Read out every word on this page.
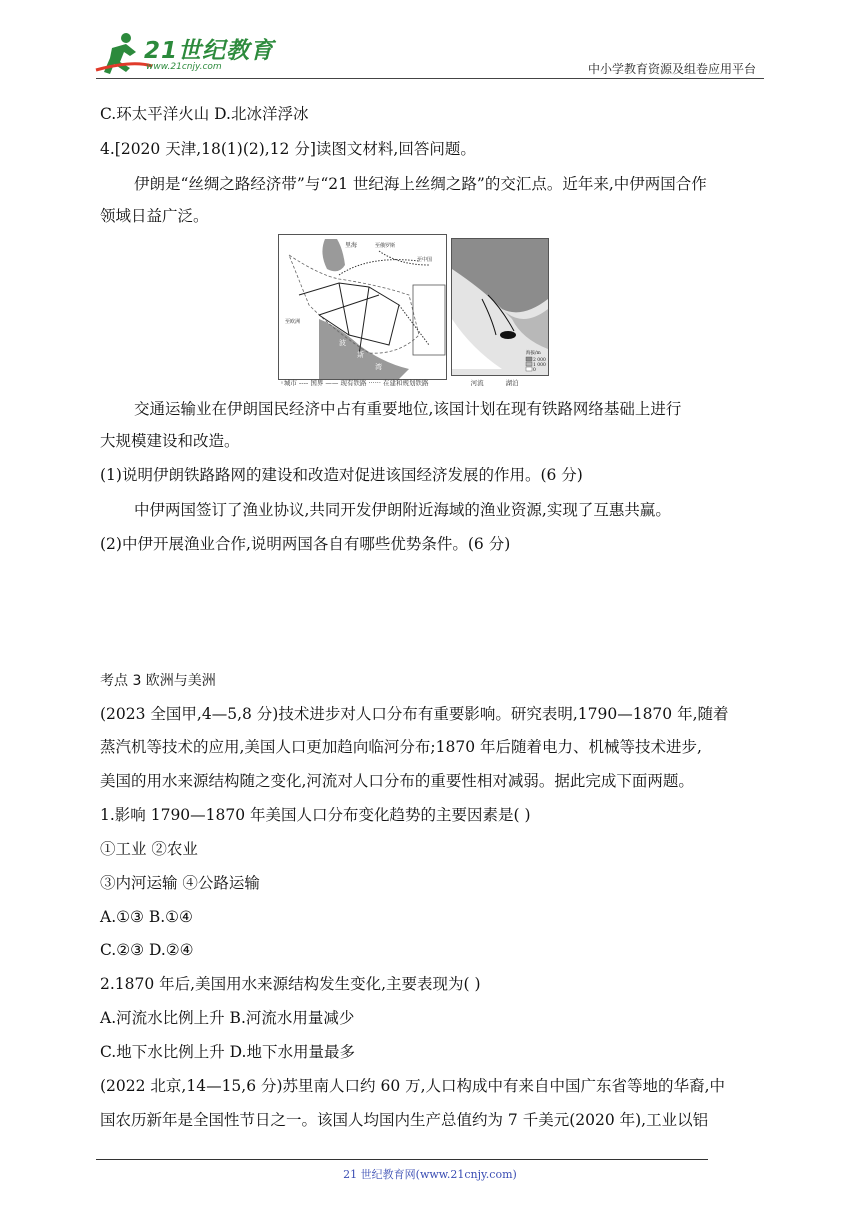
21世纪教育
www.21cnjy.com	中小学教育资源及组卷应用平台
C.环太平洋火山 D.北冰洋浮冰
4.[2020 天津,18(1)(2),12 分]读图文材料,回答问题。
伊朗是“丝绸之路经济带”与“21 世纪海上丝绸之路”的交汇点。近年来,中伊两国合作
领域日益广泛。
里海	至俄罗斯
至中国
至欧洲
波
斯
湾
海拔/m
2 000
1 000
0
◦城市 ---- 国界 —— 现有铁路 ······ 在建和规划铁路	河流	湖泊
交通运输业在伊朗国民经济中占有重要地位,该国计划在现有铁路网络基础上进行
大规模建设和改造。
(1)说明伊朗铁路路网的建设和改造对促进该国经济发展的作用。(6 分)
中伊两国签订了渔业协议,共同开发伊朗附近海域的渔业资源,实现了互惠共赢。
(2)中伊开展渔业合作,说明两国各自有哪些优势条件。(6 分)
考点 3 欧洲与美洲
(2023 全国甲,4—5,8 分)技术进步对人口分布有重要影响。研究表明,1790—1870 年,随着
蒸汽机等技术的应用,美国人口更加趋向临河分布;1870 年后随着电力、机械等技术进步,
美国的用水来源结构随之变化,河流对人口分布的重要性相对减弱。据此完成下面两题。
1.影响 1790—1870 年美国人口分布变化趋势的主要因素是( )
①工业 ②农业
③内河运输 ④公路运输
A.①③ B.①④
C.②③ D.②④
2.1870 年后,美国用水来源结构发生变化,主要表现为( )
A.河流水比例上升 B.河流水用量减少
C.地下水比例上升 D.地下水用量最多
(2022 北京,14—15,6 分)苏里南人口约 60 万,人口构成中有来自中国广东省等地的华裔,中
国农历新年是全国性节日之一。该国人均国内生产总值约为 7 千美元(2020 年),工业以铝
21 世纪教育网(www.21cnjy.com)
